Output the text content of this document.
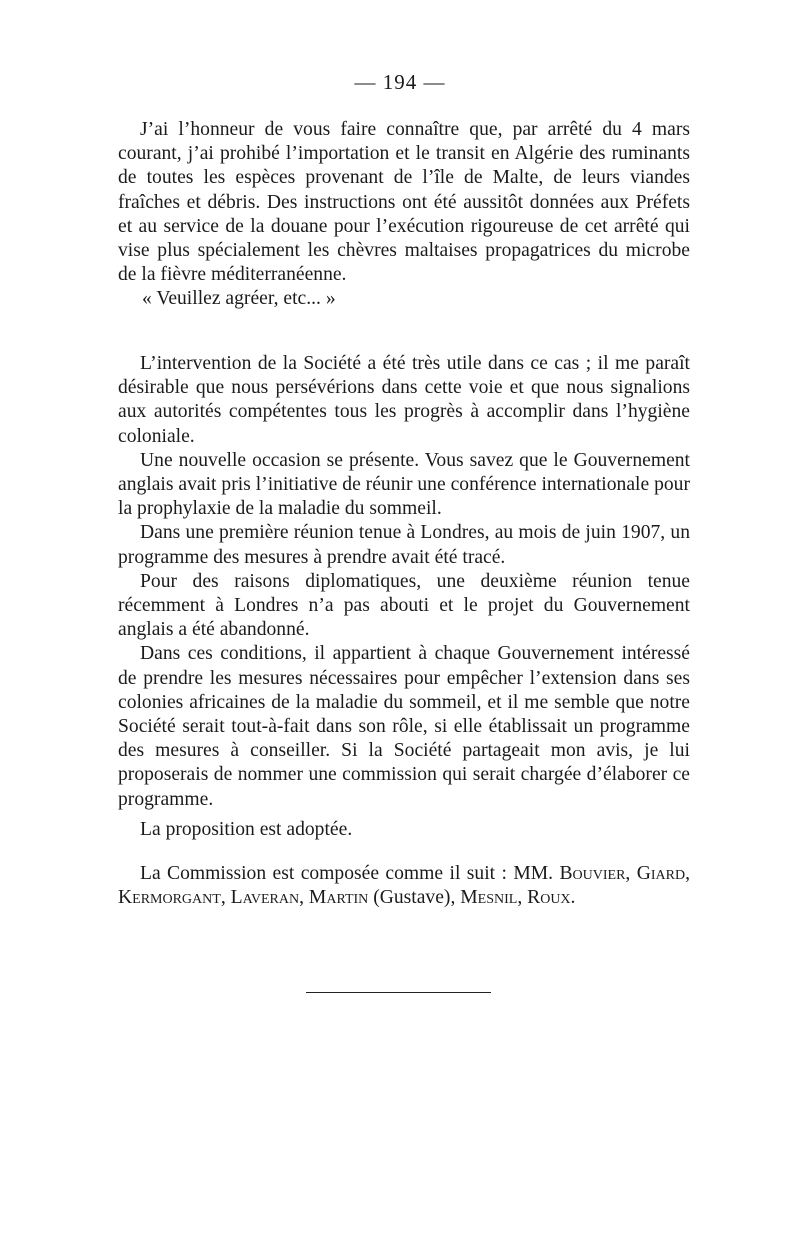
— 194 —

J’ai l’honneur de vous faire connaître que, par arrêté du 4 mars courant, j’ai prohibé l’importation et le transit en Algérie des ruminants de toutes les espèces provenant de l’île de Malte, de leurs viandes fraîches et débris. Des instructions ont été aussitôt données aux Préfets et au service de la douane pour l’exécution rigoureuse de cet arrêté qui vise plus spécialement les chèvres maltaises propagatrices du microbe de la fièvre méditerranéenne.

« Veuillez agréer, etc... »

L’intervention de la Société a été très utile dans ce cas ; il me paraît désirable que nous persévérions dans cette voie et que nous signalions aux autorités compétentes tous les progrès à accomplir dans l’hygiène coloniale.

Une nouvelle occasion se présente. Vous savez que le Gouvernement anglais avait pris l’initiative de réunir une conférence internationale pour la prophylaxie de la maladie du sommeil.

Dans une première réunion tenue à Londres, au mois de juin 1907, un programme des mesures à prendre avait été tracé.

Pour des raisons diplomatiques, une deuxième réunion tenue récemment à Londres n’a pas abouti et le projet du Gouvernement anglais a été abandonné.

Dans ces conditions, il appartient à chaque Gouvernement intéressé de prendre les mesures nécessaires pour empêcher l’extension dans ses colonies africaines de la maladie du sommeil, et il me semble que notre Société serait tout-à-fait dans son rôle, si elle établissait un programme des mesures à conseiller. Si la Société partageait mon avis, je lui proposerais de nommer une commission qui serait chargée d’élaborer ce programme.

La proposition est adoptée.

La Commission est composée comme il suit : MM. Bouvier, Giard, Kermorgant, Laveran, Martin (Gustave), Mesnil, Roux.
